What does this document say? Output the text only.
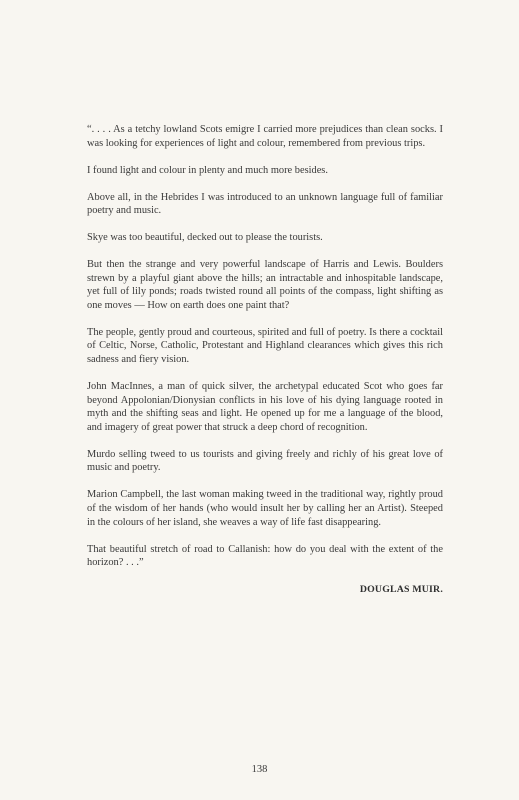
“. . . . As a tetchy lowland Scots emigre I carried more prejudices than clean socks. I was looking for experiences of light and colour, remembered from previous trips.

I found light and colour in plenty and much more besides.

Above all, in the Hebrides I was introduced to an unknown language full of familiar poetry and music.

Skye was too beautiful, decked out to please the tourists.

But then the strange and very powerful landscape of Harris and Lewis. Boulders strewn by a playful giant above the hills; an intractable and inhospitable landscape, yet full of lily ponds; roads twisted round all points of the compass, light shifting as one moves — How on earth does one paint that?

The people, gently proud and courteous, spirited and full of poetry. Is there a cocktail of Celtic, Norse, Catholic, Protestant and Highland clearances which gives this rich sadness and fiery vision.

John MacInnes, a man of quick silver, the archetypal educated Scot who goes far beyond Appolonian/Dionysian conflicts in his love of his dying language rooted in myth and the shifting seas and light. He opened up for me a language of the blood, and imagery of great power that struck a deep chord of recognition.

Murdo selling tweed to us tourists and giving freely and richly of his great love of music and poetry.

Marion Campbell, the last woman making tweed in the traditional way, rightly proud of the wisdom of her hands (who would insult her by calling her an Artist). Steeped in the colours of her island, she weaves a way of life fast disappearing.

That beautiful stretch of road to Callanish: how do you deal with the extent of the horizon? . . .”

DOUGLAS MUIR.
138
